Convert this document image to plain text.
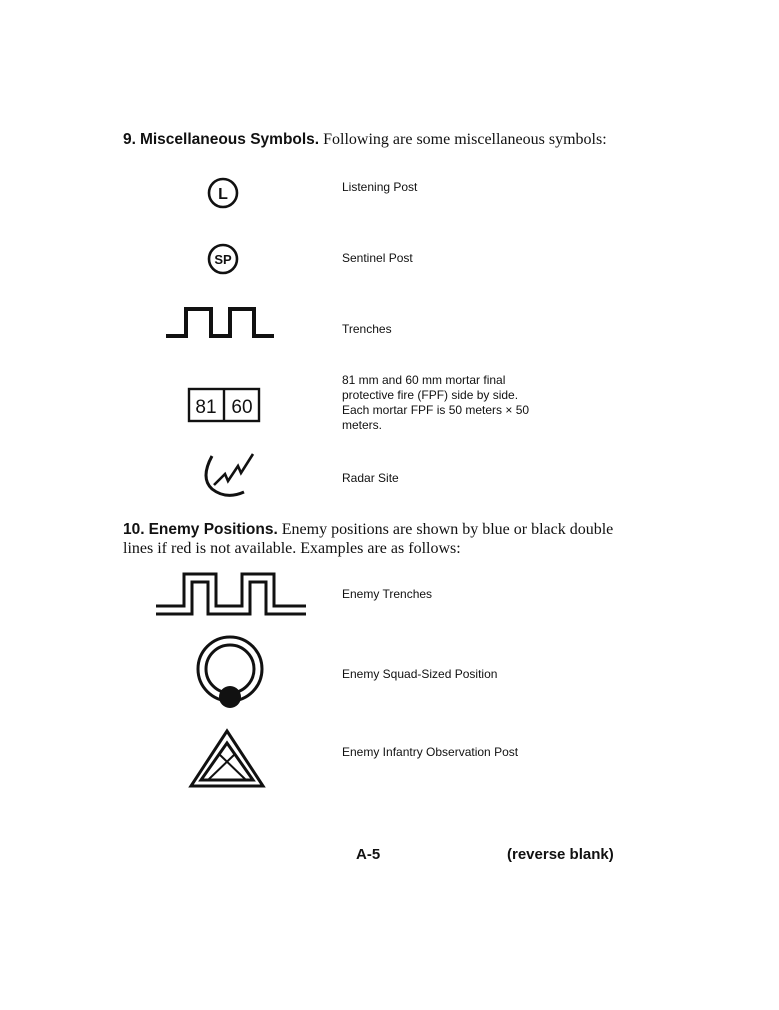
9. Miscellaneous Symbols. Following are some miscellaneous symbols:
L	Listening Post
SP	Sentinel Post
Trenches
81 60
81 mm and 60 mm mortar final protective fire (FPF) side by side. Each mortar FPF is 50 meters × 50 meters.
Radar Site
10. Enemy Positions. Enemy positions are shown by blue or black double lines if red is not available. Examples are as follows:
Enemy Trenches
Enemy Squad-Sized Position
Enemy Infantry Observation Post
A-5	(reverse blank)
